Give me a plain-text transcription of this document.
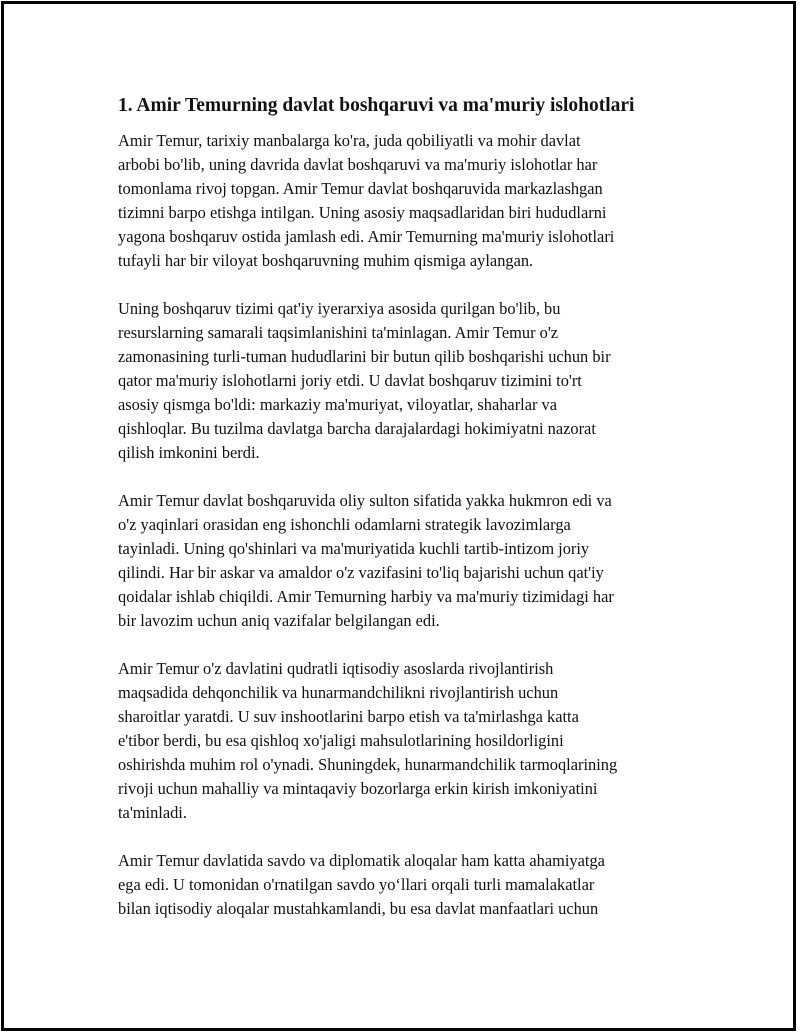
1. Amir Temurning davlat boshqaruvi va ma'muriy islohotlari
Amir Temur, tarixiy manbalarga ko'ra, juda qobiliyatli va mohir davlat
arbobi bo'lib, uning davrida davlat boshqaruvi va ma'muriy islohotlar har
tomonlama rivoj topgan. Amir Temur davlat boshqaruvida markazlashgan
tizimni barpo etishga intilgan. Uning asosiy maqsadlaridan biri hududlarni
yagona boshqaruv ostida jamlash edi. Amir Temurning ma'muriy islohotlari
tufayli har bir viloyat boshqaruvning muhim qismiga aylangan.
Uning boshqaruv tizimi qat'iy iyerarxiya asosida qurilgan bo'lib, bu
resurslarning samarali taqsimlanishini ta'minlagan. Amir Temur o'z
zamonasining turli-tuman hududlarini bir butun qilib boshqarishi uchun bir
qator ma'muriy islohotlarni joriy etdi. U davlat boshqaruv tizimini to'rt
asosiy qismga bo'ldi: markaziy ma'muriyat, viloyatlar, shaharlar va
qishloqlar. Bu tuzilma davlatga barcha darajalardagi hokimiyatni nazorat
qilish imkonini berdi.
Amir Temur davlat boshqaruvida oliy sulton sifatida yakka hukmron edi va
o'z yaqinlari orasidan eng ishonchli odamlarni strategik lavozimlarga
tayinladi. Uning qo'shinlari va ma'muriyatida kuchli tartib-intizom joriy
qilindi. Har bir askar va amaldor o'z vazifasini to'liq bajarishi uchun qat'iy
qoidalar ishlab chiqildi. Amir Temurning harbiy va ma'muriy tizimidagi har
bir lavozim uchun aniq vazifalar belgilangan edi.
Amir Temur o'z davlatini qudratli iqtisodiy asoslarda rivojlantirish
maqsadida dehqonchilik va hunarmandchilikni rivojlantirish uchun
sharoitlar yaratdi. U suv inshootlarini barpo etish va ta'mirlashga katta
e'tibor berdi, bu esa qishloq xo'jaligi mahsulotlarining hosildorligini
oshirishda muhim rol o'ynadi. Shuningdek, hunarmandchilik tarmoqlarining
rivoji uchun mahalliy va mintaqaviy bozorlarga erkin kirish imkoniyatini
ta'minladi.
Amir Temur davlatida savdo va diplomatik aloqalar ham katta ahamiyatga
ega edi. U tomonidan o'rnatilgan savdo yo‘llari orqali turli mamalakatlar
bilan iqtisodiy aloqalar mustahkamlandi, bu esa davlat manfaatlari uchun
